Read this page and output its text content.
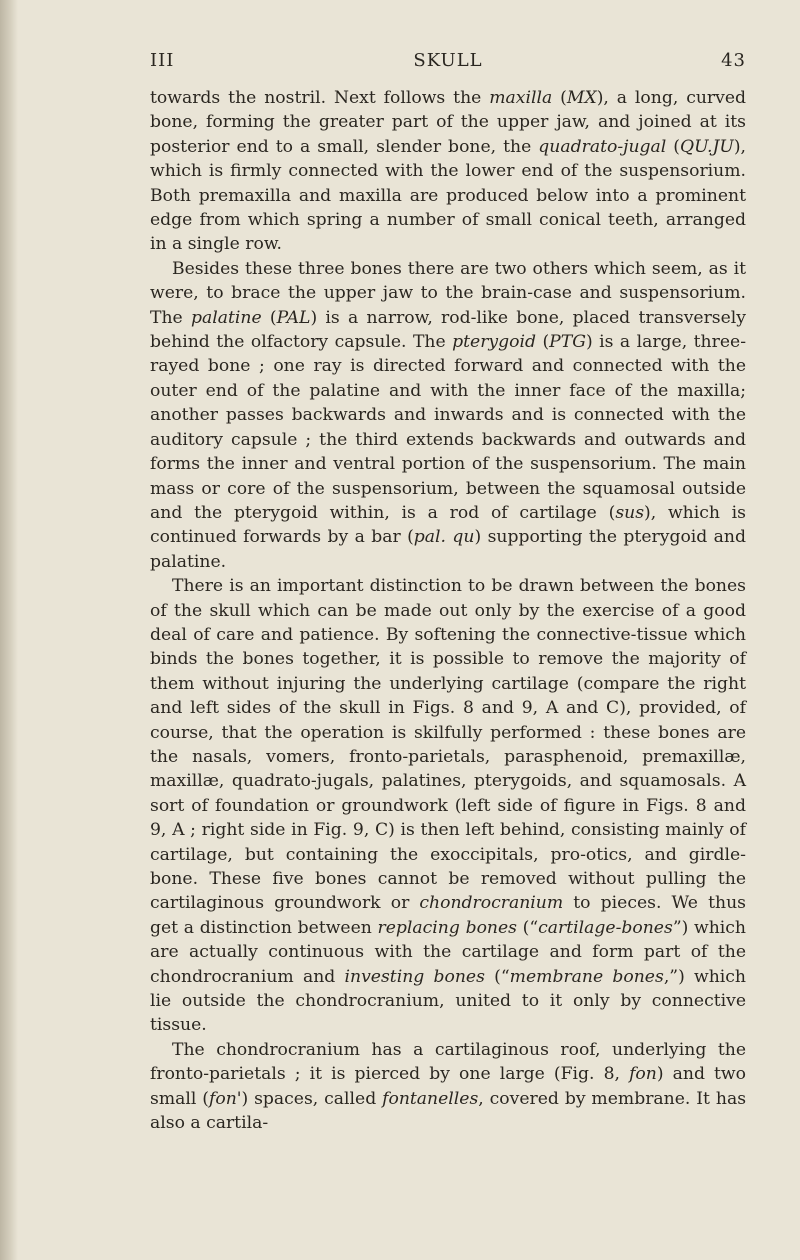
III	SKULL	43

towards the nostril. Next follows the maxilla (MX), a long, curved bone, forming the greater part of the upper jaw, and joined at its posterior end to a small, slender bone, the quadrato-jugal (QU.JU), which is firmly connected with the lower end of the suspensorium. Both premaxilla and maxilla are produced below into a prominent edge from which spring a number of small conical teeth, arranged in a single row.

Besides these three bones there are two others which seem, as it were, to brace the upper jaw to the brain-case and suspensorium. The palatine (PAL) is a narrow, rod-like bone, placed transversely behind the olfactory capsule. The pterygoid (PTG) is a large, three-rayed bone ; one ray is directed forward and connected with the outer end of the palatine and with the inner face of the maxilla; another passes backwards and inwards and is connected with the auditory capsule ; the third extends backwards and outwards and forms the inner and ventral portion of the suspensorium. The main mass or core of the suspensorium, between the squamosal outside and the pterygoid within, is a rod of cartilage (sus), which is continued forwards by a bar (pal. qu) supporting the pterygoid and palatine.

There is an important distinction to be drawn between the bones of the skull which can be made out only by the exercise of a good deal of care and patience. By softening the connective-tissue which binds the bones together, it is possible to remove the majority of them without injuring the underlying cartilage (compare the right and left sides of the skull in Figs. 8 and 9, A and C), provided, of course, that the operation is skilfully performed : these bones are the nasals, vomers, fronto-parietals, parasphenoid, premaxillæ, maxillæ, quadrato-jugals, palatines, pterygoids, and squamosals. A sort of foundation or groundwork (left side of figure in Figs. 8 and 9, A ; right side in Fig. 9, C) is then left behind, consisting mainly of cartilage, but containing the exoccipitals, pro-otics, and girdle-bone. These five bones cannot be removed without pulling the cartilaginous groundwork or chondrocranium to pieces. We thus get a distinction between replacing bones (“cartilage-bones”) which are actually continuous with the cartilage and form part of the chondrocranium and investing bones (“membrane bones,”) which lie outside the chondrocranium, united to it only by connective tissue.

The chondrocranium has a cartilaginous roof, underlying the fronto-parietals ; it is pierced by one large (Fig. 8, fon) and two small (fon') spaces, called fontanelles, covered by membrane. It has also a cartila-
